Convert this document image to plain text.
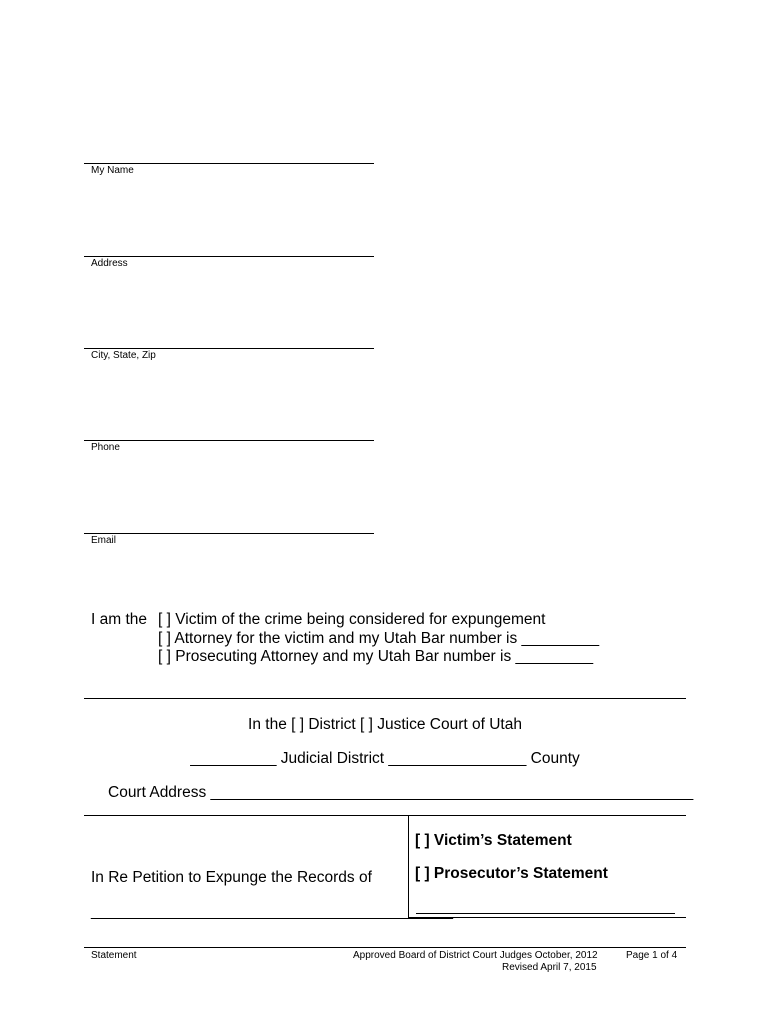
My Name
Address
City, State, Zip
Phone
Email
I am the [ ] Victim of the crime being considered for expungement
[ ] Attorney for the victim and my Utah Bar number is _________
[ ] Prosecuting Attorney and my Utah Bar number is _________
In the [ ] District [ ] Justice Court of Utah
__________ Judicial District ________________ County
Court Address ________________________________________________________
In Re Petition to Expunge the Records of
__________________________________________
[ ] Victim’s Statement
[ ] Prosecutor’s Statement
Statement	Approved Board of District Court Judges October, 2012
Revised April 7, 2015
Page 1 of 4
